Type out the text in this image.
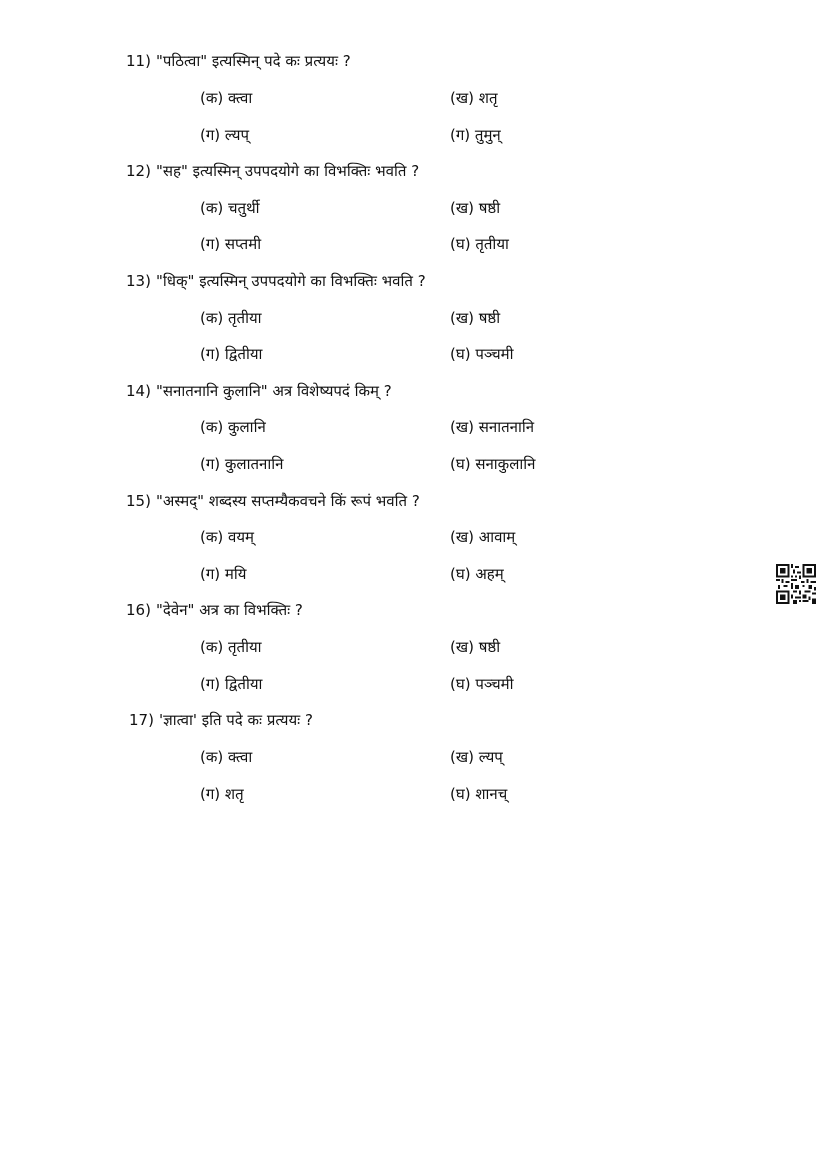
11) "पठित्वा" इत्यस्मिन् पदे कः प्रत्ययः ?
(क) क्त्वा	(ख) शतृ
(ग) ल्यप्	(ग) तुमुन्
12) "सह" इत्यस्मिन् उपपदयोगे का विभक्तिः भवति ?
(क) चतुर्थी	(ख) षष्ठी
(ग) सप्तमी	(घ) तृतीया
13) "धिक्" इत्यस्मिन् उपपदयोगे का विभक्तिः भवति ?
(क) तृतीया	(ख) षष्ठी
(ग) द्वितीया	(घ) पञ्चमी
14) "सनातनानि कुलानि" अत्र विशेष्यपदं किम् ?
(क) कुलानि	(ख) सनातनानि
(ग) कुलातनानि	(घ) सनाकुलानि
15) "अस्मद्" शब्दस्य सप्तम्यैकवचने किं रूपं भवति ?
(क) वयम्	(ख) आवाम्
(ग) मयि	(घ) अहम्
16) "देवेन" अत्र का विभक्तिः ?
(क) तृतीया	(ख) षष्ठी
(ग) द्वितीया	(घ) पञ्चमी
17) 'ज्ञात्वा' इति पदे कः प्रत्ययः ?
(क) क्त्वा	(ख) ल्यप्
(ग) शतृ	(घ) शानच्
